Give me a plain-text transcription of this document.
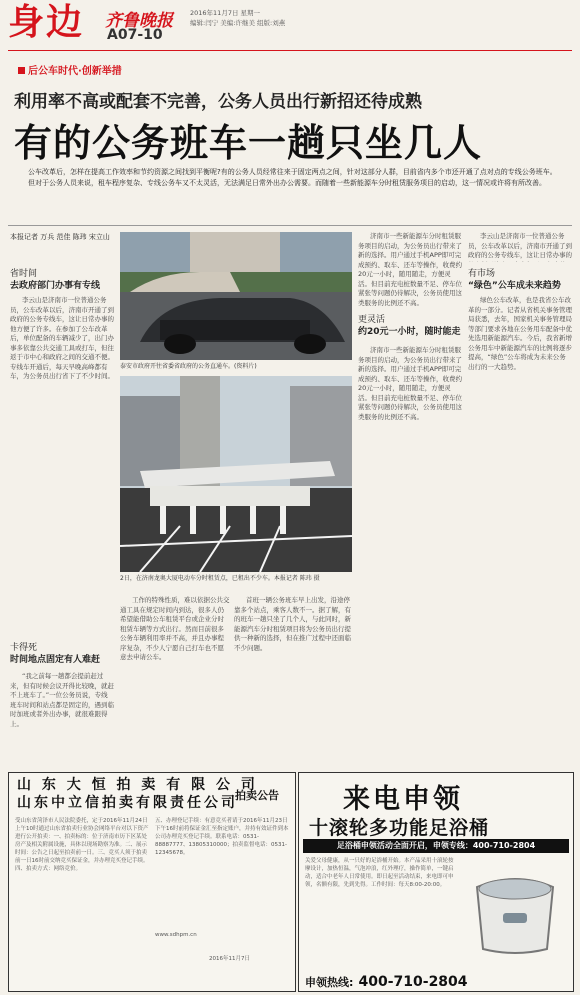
身边 齐鲁晚报
A07-10
2016年11月7日 星期一
编辑:闫宁 美编:许继美 组版:刘燕
后公车时代·创新举措
利用率不高或配套不完善，公务人员出行新招还待成熟
有的公务班车一趟只坐几人
公车改革后，怎样在提高工作效率和节约资源之间找到平衡呢?有的公务人员经常往来于固定两点之间，针对这部分人群，目前省内多个市还开通了点对点的专线公务班车。
但对于公务人员来说，租车程序复杂、专线公务车又不太灵活，无法满足日常外出办公需要。而随着一些新能源车分时租赁服务项目的启动，这一情况或许将有所改善。
本报记者 万兵 范佳 陈玮 宋立山
省时间
去政府部门办事有专线
李云山是济南市一位普通公务员，公车改革以后，济南市开通了到政府的公务专线车，这让日常办事的他方便了许多。在参加了公车改革后，单位配备的车辆减少了，出门办事多依靠公共交通工具或打车，但往返于市中心和政府之间的交通不便。专线车开通后，每天早晚高峰都有车，为公务员出行省下了不少时间。
卡得死
时间地点固定有人难赶
“我之前每一趟都会提前赶过来，但有时候会议开得比较晚，就赶不上班车了。”一位公务员说，专线班车时间和站点都是固定的，遇到临时加班或者外出办事，就很难跟得上。
泰安市政府开往省委省政府的公务直通车。(资料片)
2日，在济南龙奥大厦电动车分时租赁点，已租出不少车。本报记者 陈玮 摄
工作的特殊性质，难以依据公共交通工具在规定时间内到达，很多人仍希望能借助公车租赁平台或企业分时租赁车辆等方式出行。然而目前很多公务车辆利用率并不高，并且办事程序复杂，不少人宁愿自己打车也不愿意去申请公车。
首班一辆公务班车早上出发，沿途停靠多个站点，乘客人数不一。据了解，有的班车一趟只坐了几个人，与此同时，新能源汽车分时租赁项目将为公务员出行提供一种新的选择，但在推广过程中还面临不少问题。
更灵活
约20元一小时，随时能走
济南市一些新能源车分时租赁服务项目的启动，为公务员出行带来了新的选择。用户通过手机APP即可完成预约、取车、还车等操作，收费约20元一小时，随用随走，方便灵活。但目前充电桩数量不足、停车位紧张等问题仍待解决，公务员使用这类服务的比例还不高。
济南市一些新能源车分时租赁服务项目的启动，为公务员出行带来了新的选择。用户通过手机APP即可完成预约、取车、还车等操作，收费约20元一小时，随用随走，方便灵活。但目前充电桩数量不足、停车位紧张等问题仍待解决，公务员使用这类服务的比例还不高。
有市场
“绿色”公车成未来趋势
李云山是济南市一位普通公务员，公车改革以后，济南市开通了到政府的公务专线车，这让日常办事的
绿色公车改革，也是我省公车改革的一部分。记者从省机关事务管理局获悉，去年，国家机关事务管理局等部门要求各地在公务用车配备中优先选用新能源汽车。今后，我省新增公务用车中新能源汽车的比例将逐步提高，“绿色”公车将成为未来公务出行的一大趋势。
山 东 大 恒 拍 卖 有 限 公 司
山东中立信拍卖有限责任公司
拍卖公告
受山东省菏泽市人民法院委托，定于2016年11月24日上午10时通过山东省拍卖行业协会网络平台对以下资产进行公开拍卖：一、拍卖标的：位于济南市历下区某处房产及相关附属设施，具体以现场勘察为准。二、展示时间：公告之日起至拍卖前一日。三、竞买人须于拍卖前一日16时前交纳竞买保证金，并办理竞买登记手续。四、拍卖方式：网络竞价。
五、办理登记手续：有意竞买者请于2016年11月23日下午16时前将保证金汇至指定账户，并持有效证件到本公司办理竞买登记手续。联系电话：0531-88887777、13805310000；拍卖监督电话：0531-12345678。
www.sdhpm.cn
2016年11月7日
来电申领
十滚轮多功能足浴桶
足浴桶申领活动全面开启，申领专线：400-710-2804
关爱父母健康，从一只好的足浴桶开始。本产品采用十滚轮按摩设计，加热恒温，气泡冲浪，红外理疗，操作简单，一键启动，适合中老年人日常使用。即日起至活动结束，来电即可申领，名额有限，先到先得。工作时间：每天8:00-20:00。
申领热线: 400-710-2804
